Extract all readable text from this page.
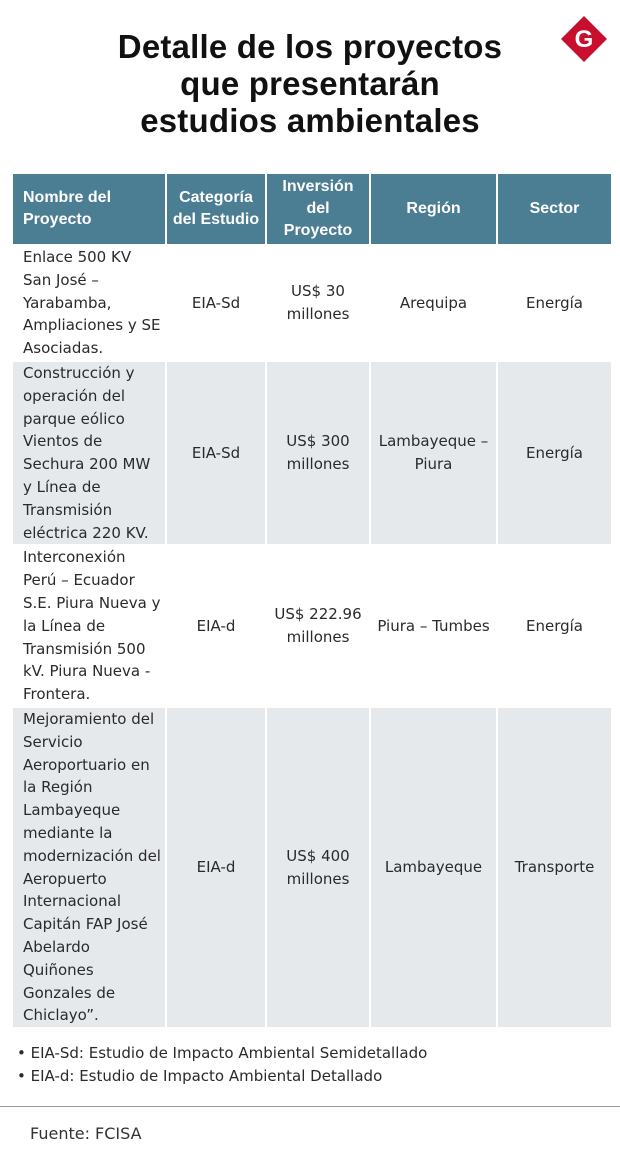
Detalle de los proyectos
que presentarán
estudios ambientales
G
Nombre del Proyecto	Categoría del Estudio	Inversión del Proyecto	Región	Sector
Enlace 500 KV San José – Yarabamba, Ampliaciones y SE Asociadas.	EIA-Sd	US$ 30 millones	Arequipa	Energía
Construcción y operación del parque eólico Vientos de Sechura 200 MW y Línea de Transmisión eléctrica 220 KV.	EIA-Sd	US$ 300 millones	Lambayeque – Piura	Energía
Interconexión Perú – Ecuador S.E. Piura Nueva y la Línea de Transmisión 500 kV. Piura Nueva - Frontera.	EIA-d	US$ 222.96 millones	Piura – Tumbes	Energía
Mejoramiento del Servicio Aeroportuario en la Región Lambayeque mediante la modernización del Aeropuerto Internacional Capitán FAP José Abelardo Quiñones Gonzales de Chiclayo”.	EIA-d	US$ 400 millones	Lambayeque	Transporte
• EIA-Sd: Estudio de Impacto Ambiental Semidetallado
• EIA-d: Estudio de Impacto Ambiental Detallado
Fuente: FCISA
